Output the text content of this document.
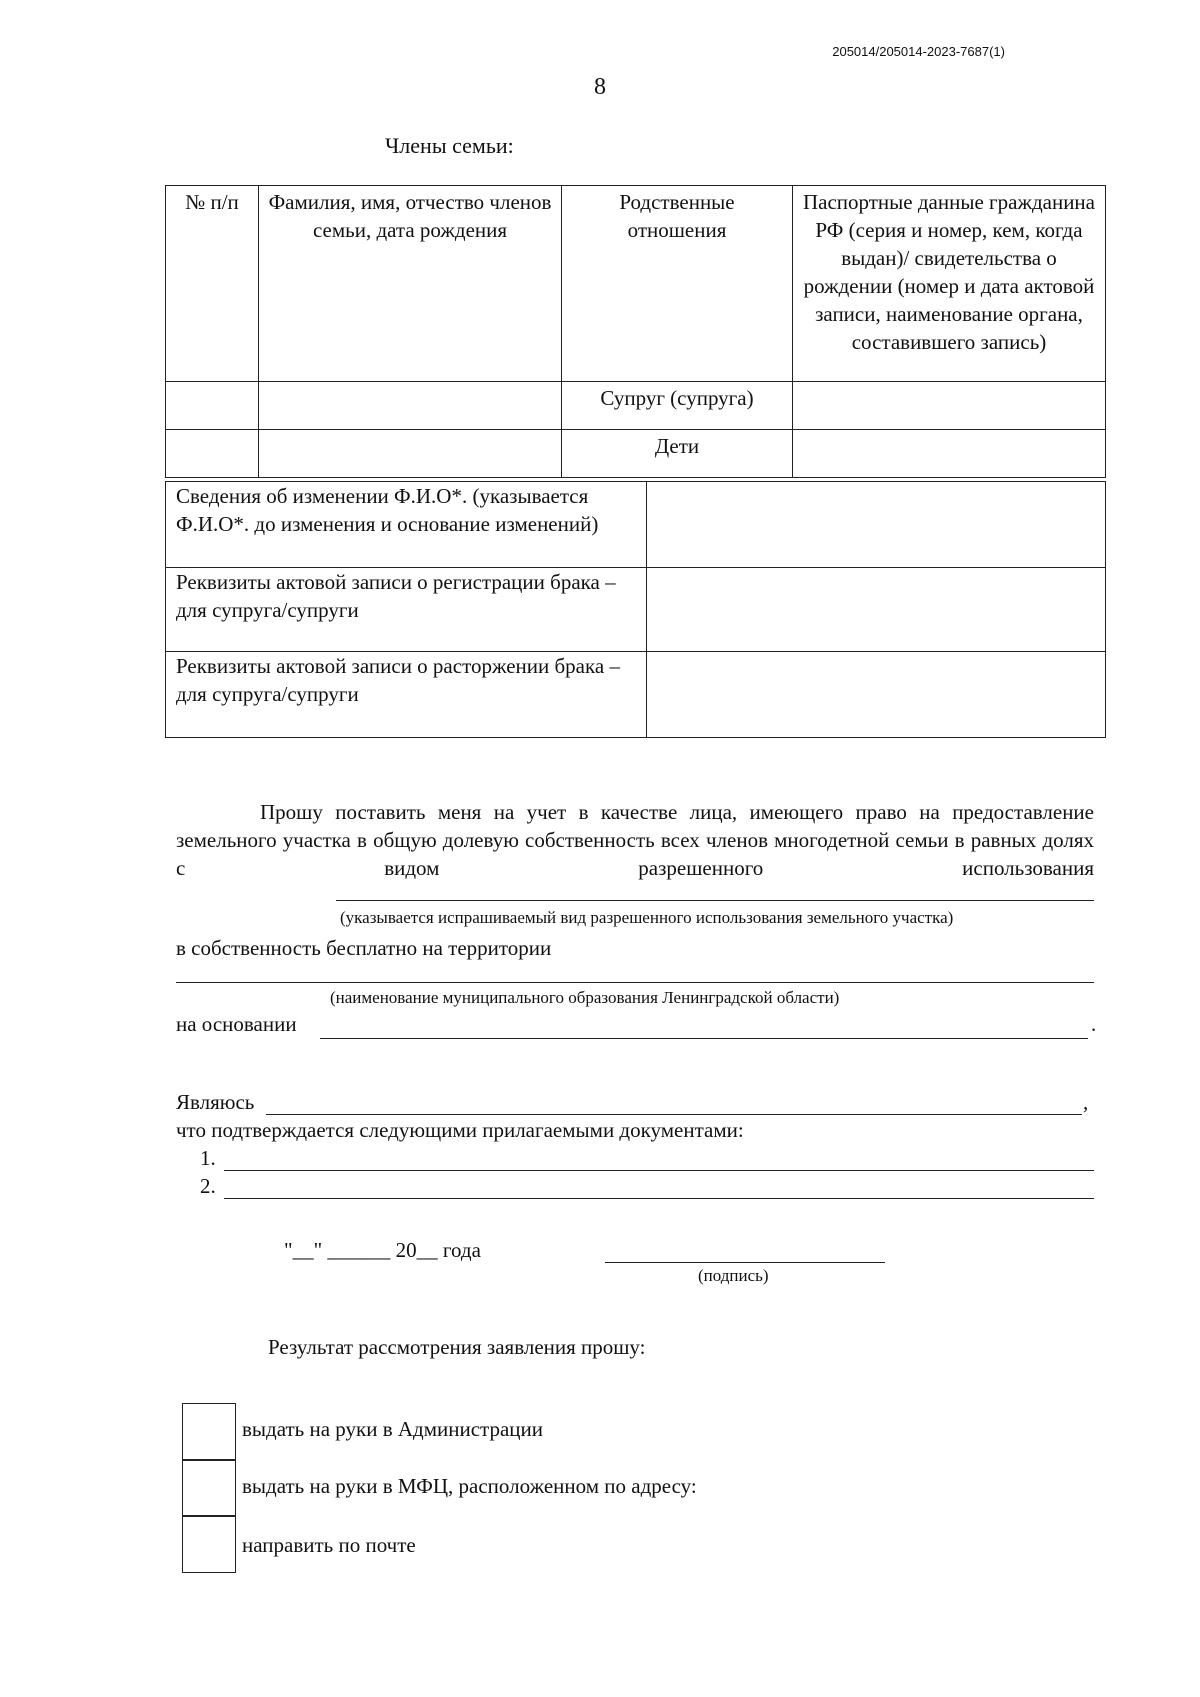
205014/205014-2023-7687(1)
8
Члены семьи:
№ п/п	Фамилия, имя, отчество членов семьи, дата рождения	Родственные отношения	Паспортные данные гражданина РФ (серия и номер, кем, когда выдан)/ свидетельства о рождении (номер и дата актовой записи, наименование органа, составившего запись)
		Супруг (супруга)	
		Дети	
Сведения об изменении Ф.И.О*. (указывается Ф.И.О*. до изменения и основание изменений)	
Реквизиты актовой записи о регистрации брака – для супруга/супруги	
Реквизиты актовой записи о расторжении брака – для супруга/супруги	
Прошу поставить меня на учет в качестве лица, имеющего право на предоставление земельного участка в общую долевую собственность всех членов многодетной семьи в равных долях с видом разрешенного использования
(указывается испрашиваемый вид разрешенного использования земельного участка)
в собственность бесплатно на территории
(наименование муниципального образования Ленинградской области)
на основании	.
Являюсь	,
что подтверждается следующими прилагаемыми документами:
1.
2.
"__" ______ 20__ года
(подпись)
Результат рассмотрения заявления прошу:
выдать на руки в Администрации
выдать на руки в МФЦ, расположенном по адресу:
направить по почте
